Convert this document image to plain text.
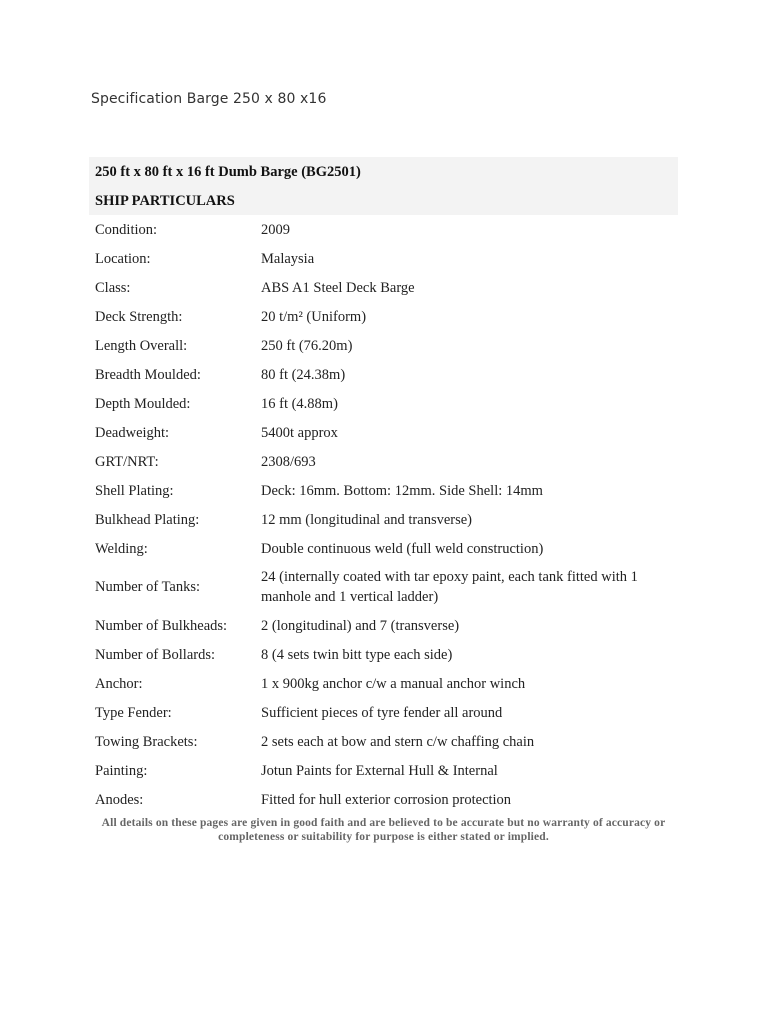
Specification Barge 250 x 80 x16
250 ft x 80 ft x 16 ft Dumb Barge (BG2501)	
SHIP PARTICULARS	
Condition:	2009
Location:	Malaysia
Class:	ABS A1 Steel Deck Barge
Deck Strength:	20 t/m² (Uniform)
Length Overall:	250 ft (76.20m)
Breadth Moulded:	80 ft (24.38m)
Depth Moulded:	16 ft (4.88m)
Deadweight:	5400t approx
GRT/NRT:	2308/693
Shell Plating:	Deck: 16mm. Bottom: 12mm. Side Shell: 14mm
Bulkhead Plating:	12 mm (longitudinal and transverse)
Welding:	Double continuous weld (full weld construction)
Number of Tanks:	24 (internally coated with tar epoxy paint, each tank fitted with 1 manhole and 1 vertical ladder)
Number of Bulkheads:	2 (longitudinal) and 7 (transverse)
Number of Bollards:	8 (4 sets twin bitt type each side)
Anchor:	1 x 900kg anchor c/w a manual anchor winch
Type Fender:	Sufficient pieces of tyre fender all around
Towing Brackets:	2 sets each at bow and stern c/w chaffing chain
Painting:	Jotun Paints for External Hull & Internal
Anodes:	Fitted for hull exterior corrosion protection
All details on these pages are given in good faith and are believed to be accurate but no warranty of accuracy or completeness or suitability for purpose is either stated or implied.
